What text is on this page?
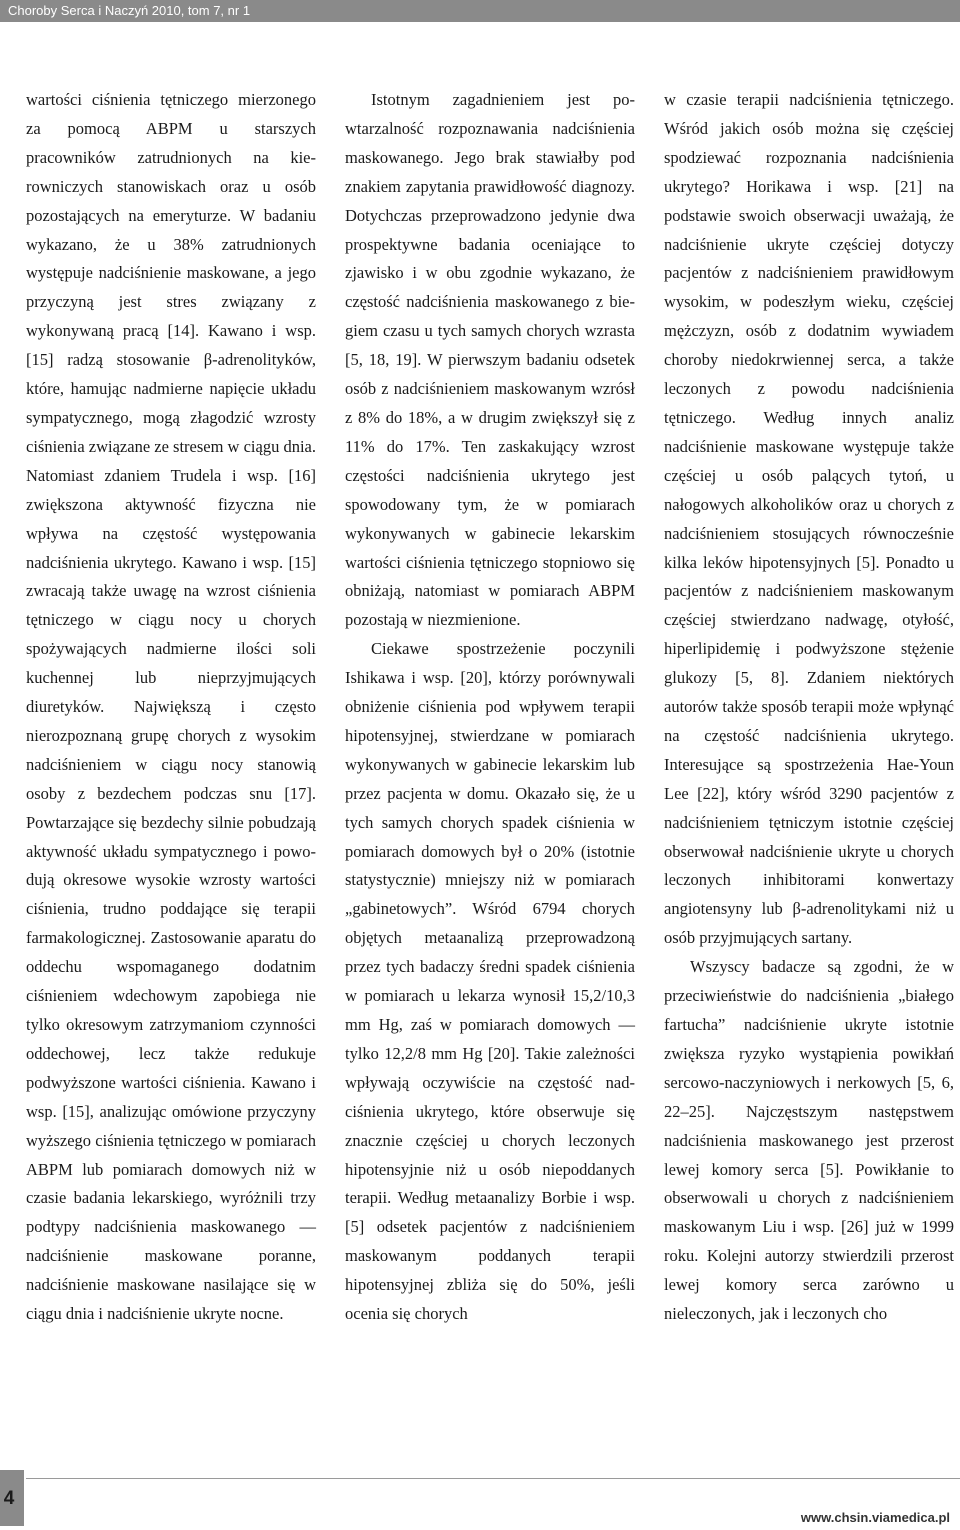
Choroby Serca i Naczyń 2010, tom 7, nr 1

wartości ciśnienia tętniczego mierzonego za pomocą ABPM u starszych pracowników zatrudnionych na kierowniczych stanowiskach oraz u osób pozostających na emeryturze. W badaniu wykazano, że u 38% zatrudnionych występuje nadciśnienie maskowane, a jego przyczyną jest stres związany z wykonywaną pracą [14]. Kawano i wsp. [15] radzą stosowanie β-adrenolityków, które, hamując nadmierne napięcie układu sympatycznego, mogą złagodzić wzrosty ciśnienia związane ze stresem w ciągu dnia. Natomiast zdaniem Trudela i wsp. [16] zwiększona aktywność fizyczna nie wpływa na częstość występowania nadciśnienia ukrytego. Kawano i wsp. [15] zwracają także uwagę na wzrost ciśnienia tętniczego w ciągu nocy u chorych spożywających nadmierne ilości soli kuchennej lub nieprzyjmujących diuretyków. Największą i często nierozpoznaną grupę chorych z wysokim nadciśnieniem w ciągu nocy stanowią osoby z bezdechem podczas snu [17]. Powtarzające się bezdechy silnie pobudzają aktywność układu sympatycznego i powodują okresowe wysokie wzrosty wartości ciśnienia, trudno poddające się terapii farmakologicznej. Zastosowanie aparatu do oddechu wspomaganego dodatnim ciśnieniem wdechowym zapobiega nie tylko okresowym zatrzymaniom czynności oddechowej, lecz także redukuje podwyższone wartości ciśnienia. Kawano i wsp. [15], analizując omówione przyczyny wyższego ciśnienia tętniczego w pomiarach ABPM lub pomiarach domowych niż w czasie badania lekarskiego, wyróżnili trzy podtypy nadciśnienia maskowanego — nadciśnienie maskowane poranne, nadciśnienie maskowane nasilające się w ciągu dnia i nadciśnienie ukryte nocne.

Istotnym zagadnieniem jest powtarzalność rozpoznawania nadciśnienia maskowanego. Jego brak stawiałby pod znakiem zapytania prawidłowość diagnozy. Dotychczas przeprowadzono jedynie dwa prospektywne badania oceniające to zjawisko i w obu zgodnie wykazano, że częstość nadciśnienia maskowanego z biegiem czasu u tych samych chorych wzrasta [5, 18, 19]. W pierwszym badaniu odsetek osób z nadciśnieniem maskowanym wzrósł z 8% do 18%, a w drugim zwiększył się z 11% do 17%. Ten zaskakujący wzrost częstości nadciśnienia ukrytego jest spowodowany tym, że w pomiarach wykonywanych w gabinecie lekarskim wartości ciśnienia tętniczego stopniowo się obniżają, natomiast w pomiarach ABPM pozostają w niezmienione.

Ciekawe spostrzeżenie poczynili Ishikawa i wsp. [20], którzy porównywali obniżenie ciśnienia pod wpływem terapii hipotensyjnej, stwierdzane w pomiarach wykonywanych w gabinecie lekarskim lub przez pacjenta w domu. Okazało się, że u tych samych chorych spadek ciśnienia w pomiarach domowych był o 20% (istotnie statystycznie) mniejszy niż w pomiarach „gabinetowych”. Wśród 6794 chorych objętych metaanalizą przeprowadzoną przez tych badaczy średni spadek ciśnienia w pomiarach u lekarza wynosił 15,2/10,3 mm Hg, zaś w pomiarach domowych — tylko 12,2/8 mm Hg [20]. Takie zależności wpływają oczywiście na częstość nadciśnienia ukrytego, które obserwuje się znacznie częściej u chorych leczonych hipotensyjnie niż u osób niepoddanych terapii. Według metaanalizy Borbie i wsp. [5] odsetek pacjentów z nadciśnieniem maskowanym poddanych terapii hipotensyjnej zbliża się do 50%, jeśli ocenia się chorych

w czasie terapii nadciśnienia tętniczego. Wśród jakich osób można się częściej spodziewać rozpoznania nadciśnienia ukrytego? Horikawa i wsp. [21] na podstawie swoich obserwacji uważają, że nadciśnienie ukryte częściej dotyczy pacjentów z nadciśnieniem prawidłowym wysokim, w podeszłym wieku, częściej mężczyzn, osób z dodatnim wywiadem choroby niedokrwiennej serca, a także leczonych z powodu nadciśnienia tętniczego. Według innych analiz nadciśnienie maskowane występuje także częściej u osób palących tytoń, u nałogowych alkoholików oraz u chorych z nadciśnieniem stosujących równocześnie kilka leków hipotensyjnych [5]. Ponadto u pacjentów z nadciśnieniem maskowanym częściej stwierdzano nadwagę, otyłość, hiperlipidemię i podwyższone stężenie glukozy [5, 8]. Zdaniem niektórych autorów także sposób terapii może wpłynąć na częstość nadciśnienia ukrytego. Interesujące są spostrzeżenia Hae-Youn Lee [22], który wśród 3290 pacjentów z nadciśnieniem tętniczym istotnie częściej obserwował nadciśnienie ukryte u chorych leczonych inhibitorami konwertazy angiotensyny lub β-adrenolitykami niż u osób przyjmujących sartany.

Wszyscy badacze są zgodni, że w przeciwieństwie do nadciśnienia „białego fartucha” nadciśnienie ukryte istotnie zwiększa ryzyko wystąpienia powikłań sercowo-naczyniowych i nerkowych [5, 6, 22–25]. Najczęstszym następstwem nadciśnienia maskowanego jest przerost lewej komory serca [5]. Powikłanie to obserwowali u chorych z nadciśnieniem maskowanym Liu i wsp. [26] już w 1999 roku. Kolejni autorzy stwierdzili przerost lewej komory serca zarówno u nieleczonych, jak i leczonych cho

4
www.chsin.viamedica.pl
